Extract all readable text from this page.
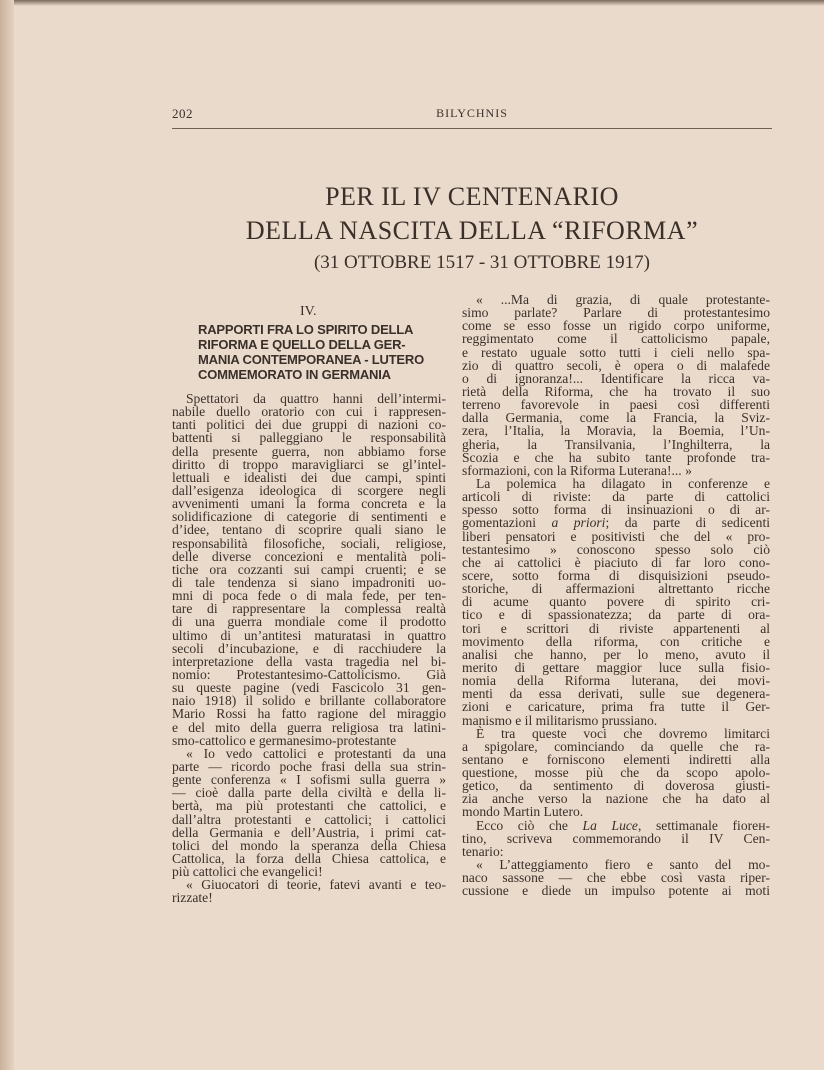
202	BILYCHNIS
PER IL IV CENTENARIO
DELLA NASCITA DELLA “RIFORMA”
(31 OTTOBRE 1517 - 31 OTTOBRE 1917)
IV.
RAPPORTI FRA LO SPIRITO DELLA
RIFORMA E QUELLO DELLA GER-
MANIA CONTEMPORANEA - LUTERO
COMMEMORATO IN GERMANIA
Spettatori da quattro hanni dell’intermi-
nabile duello oratorio con cui i rappresen-
tanti politici dei due gruppi di nazioni co-
battenti si palleggiano le responsabilità
della presente guerra, non abbiamo forse
diritto di troppo maravigliarci se gl’intel-
lettuali e idealisti dei due campi, spinti
dall’esigenza ideologica di scorgere negli
avvenimenti umani la forma concreta e la
solidificazione di categorie di sentimenti e
d’idee, tentano di scoprire quali siano le
responsabilità filosofiche, sociali, religiose,
delle diverse concezioni e mentalità poli-
tiche ora cozzanti sui campi cruenti; e se
di tale tendenza si siano impadroniti uo-
mni di poca fede o di mala fede, per ten-
tare di rappresentare la complessa realtà
di una guerra mondiale come il prodotto
ultimo di un’antitesi maturatasi in quattro
secoli d’incubazione, e di racchiudere la
interpretazione della vasta tragedia nel bi-
nomio: Protestantesimo-Cattolicismo. Già
su queste pagine (vedi Fascicolo 31 gen-
naio 1918) il solido e brillante collaboratore
Mario Rossi ha fatto ragione del miraggio
e del mito della guerra religiosa tra latini-
smo-cattolico e germanesimo-protestante
« Io vedo cattolici e protestanti da una
parte — ricordo poche frasi della sua strin-
gente conferenza « I sofismi sulla guerra »
— cioè dalla parte della civiltà e della li-
bertà, ma più protestanti che cattolici, e
dall’altra protestanti e cattolici; i cattolici
della Germania e dell’Austria, i primi cat-
tolici del mondo la speranza della Chiesa
Cattolica, la forza della Chiesa cattolica, e
più cattolici che evangelici!
« Giuocatori di teorie, fatevi avanti e teo-
rizzate!
« ...Ma di grazia, di quale protestante-
simo parlate? Parlare di protestantesimo
come se esso fosse un rigido corpo uniforme,
reggimentato come il cattolicismo papale,
e restato uguale sotto tutti i cieli nello spa-
zio di quattro secoli, è opera o di malafede
o di ignoranza!... Identificare la ricca va-
rietà della Riforma, che ha trovato il suo
terreno favorevole in paesi così differenti
dalla Germania, come la Francia, la Sviz-
zera, l’Italia, la Moravia, la Boemia, l’Un-
gheria, la Transilvania, l’Inghilterra, la
Scozia e che ha subito tante profonde tra-
sformazioni, con la Riforma Luterana!... »
La polemica ha dilagato in conferenze e
articoli di riviste: da parte di cattolici
spesso sotto forma di insinuazioni o di ar-
gomentazioni a priori; da parte di sedicenti
liberi pensatori e positivisti che del « pro-
testantesimo » conoscono spesso solo ciò
che ai cattolici è piaciuto di far loro cono-
scere, sotto forma di disquisizioni pseudo-
storiche, di affermazioni altrettanto ricche
di acume quanto povere di spirito cri-
tico e di spassionatezza; da parte di ora-
tori e scrittori di riviste appartenenti al
movimento della riforma, con critiche e
analisi che hanno, per lo meno, avuto il
merito di gettare maggior luce sulla fisio-
nomia della Riforma luterana, dei movi-
menti da essa derivati, sulle sue degenera-
zioni e caricature, prima fra tutte il Ger-
manismo e il militarismo prussiano.
È tra queste voci che dovremo limitarci
a spigolare, cominciando da quelle che ra-
sentano e forniscono elementi indiretti alla
questione, mosse più che da scopo apolo-
getico, da sentimento di doverosa giusti-
zia anche verso la nazione che ha dato al
mondo Martin Lutero.
Ecco ciò che La Luce, settimanale fiorен-
tino, scriveva commemorando il IV Cen-
tenario:
« L’atteggiamento fiero e santo del mo-
naco sassone — che ebbe così vasta riper-
cussione e diede un impulso potente ai moti
